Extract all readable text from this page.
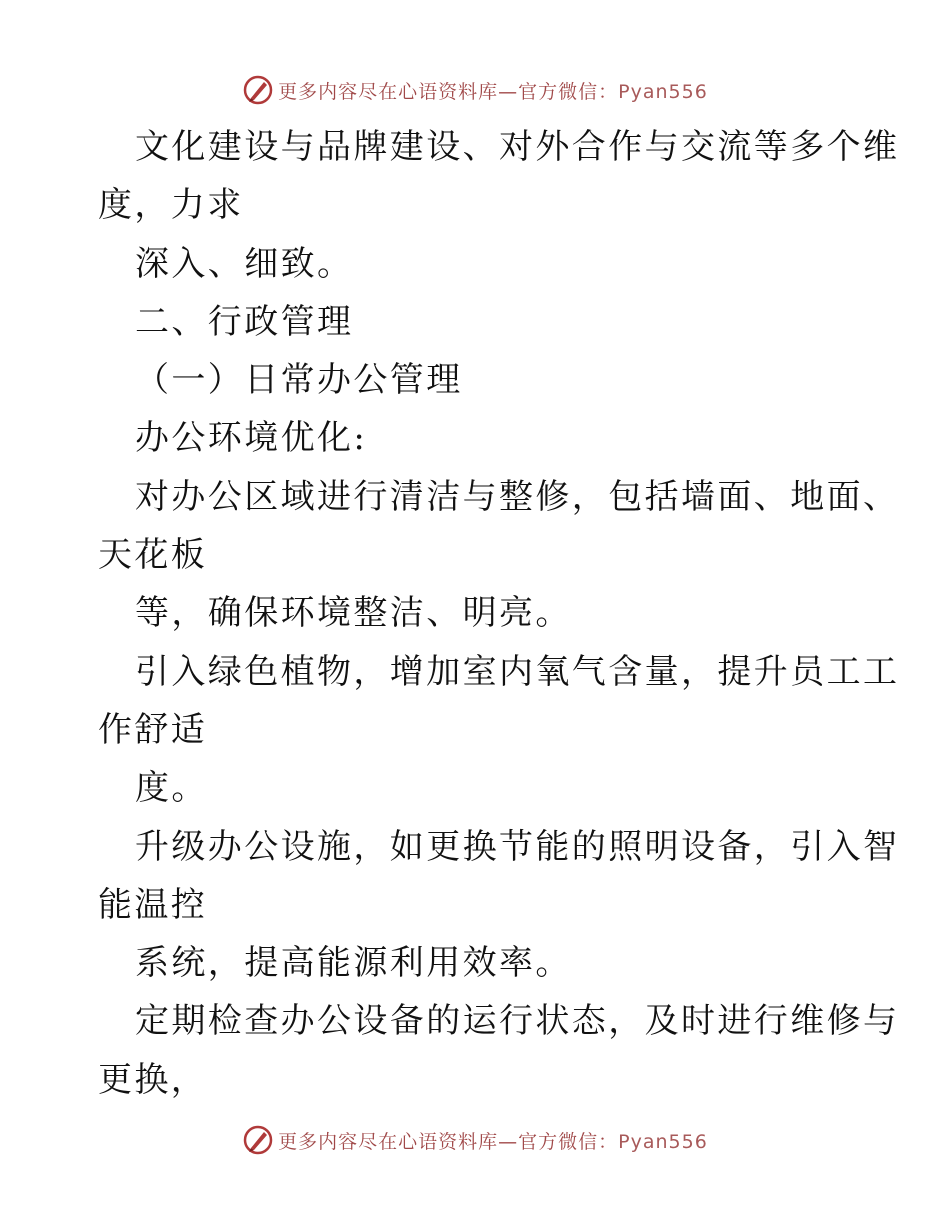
更多内容尽在心语资料库—官方微信：Pyan556
文化建设与品牌建设、对外合作与交流等多个维
度，力求
深入、细致。
二、行政管理
（一）日常办公管理
办公环境优化:
对办公区域进行清洁与整修，包括墙面、地面、
天花板
等，确保环境整洁、明亮。
引入绿色植物，增加室内氧气含量，提升员工工
作舒适
度。
升级办公设施，如更换节能的照明设备，引入智
能温控
系统，提高能源利用效率。
定期检查办公设备的运行状态，及时进行维修与
更换，
更多内容尽在心语资料库—官方微信：Pyan556
